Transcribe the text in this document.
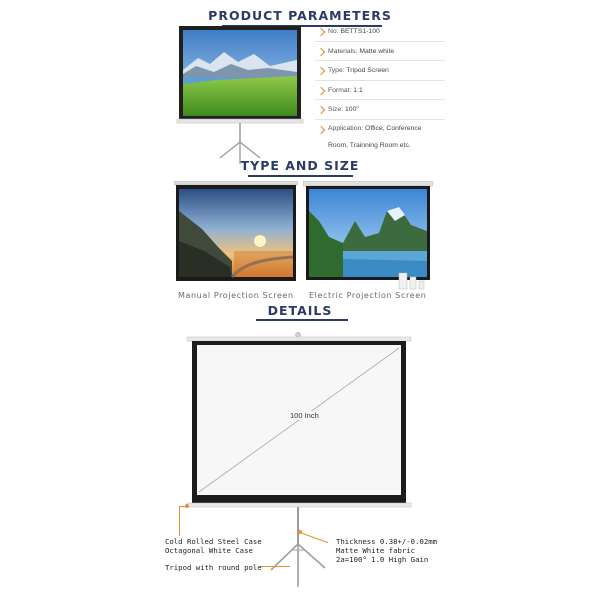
PRODUCT PARAMETERS
No: BETTS1-100
Materials: Matte white
Type: Tripod Screen
Format: 1:1
Size: 100"
Application: Office, Conference
Room, Trainning Room etc.
TYPE AND SIZE
Manual Projection Screen Electric Projection Screen
DETAILS
100 Inch
Cold Rolled Steel Case
Octagonal White Case
Tripod with round pole
Thickness 0.38+/-0.02mm
Matte White fabric
2a=100° 1.0 High Gain
